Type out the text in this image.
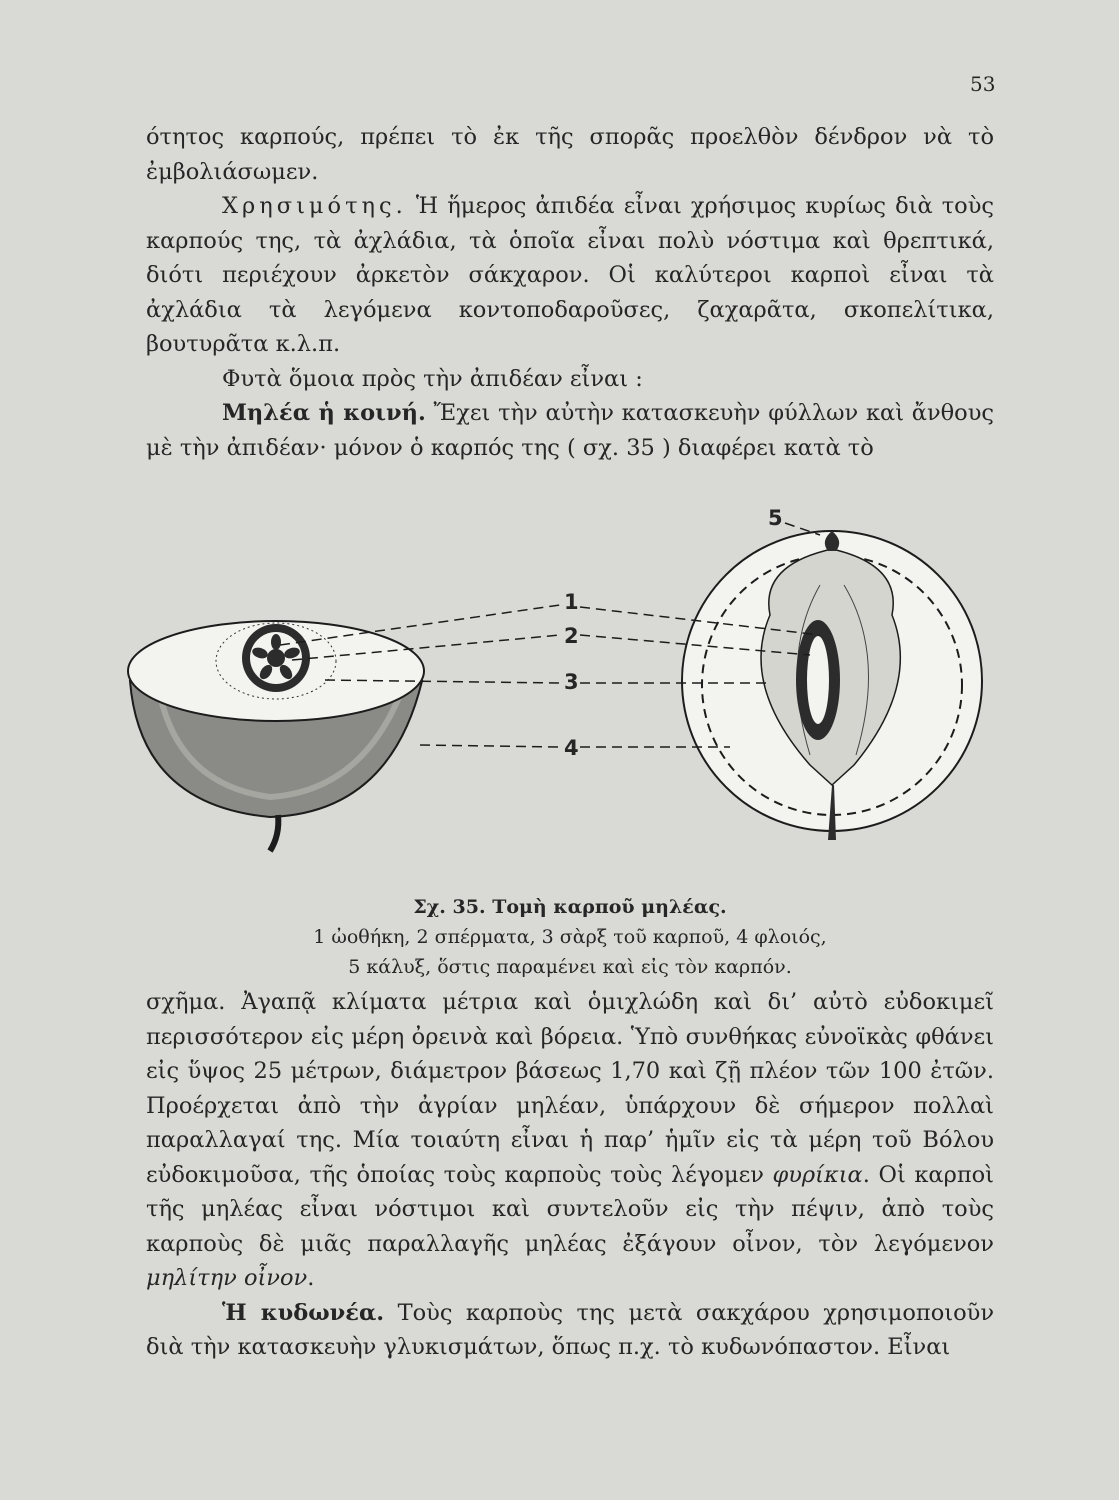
53

ότητος καρπούς, πρέπει τὸ ἐκ τῆς σπορᾶς προελθὸν δένδρον νὰ τὸ ἐμβολιάσωμεν.

Χρησιμότης. Ἡ ἥμερος ἀπιδέα εἶναι χρήσιμος κυρίως διὰ τοὺς καρπούς της, τὰ ἀχλάδια, τὰ ὁποῖα εἶναι πολὺ νόστιμα καὶ θρεπτικά, διότι περιέχουν ἀρκετὸν σάκχαρον. Οἱ καλύτεροι καρποὶ εἶναι τὰ ἀχλάδια τὰ λεγόμενα κοντοποδαροῦσες, ζαχαρᾶτα, σκοπελίτικα, βουτυρᾶτα κ.λ.π.

Φυτὰ ὅμοια πρὸς τὴν ἀπιδέαν εἶναι :

Μηλέα ἡ κοινή. Ἔχει τὴν αὐτὴν κατασκευὴν φύλλων καὶ ἄνθους μὲ τὴν ἀπιδέαν· μόνον ὁ καρπός της ( σχ. 35 ) διαφέρει κατὰ τὸ

1
2
3
4
5
Σχ. 35. Τομὴ καρποῦ μηλέας.
1 ὠοθήκη, 2 σπέρματα, 3 σὰρξ τοῦ καρποῦ, 4 φλοιός,
5 κάλυξ, ὅστις παραμένει καὶ εἰς τὸν καρπόν.

σχῆμα. Ἀγαπᾷ κλίματα μέτρια καὶ ὁμιχλώδη καὶ δι’ αὐτὸ εὐδοκιμεῖ περισσότερον εἰς μέρη ὀρεινὰ καὶ βόρεια. Ὑπὸ συνθήκας εὐνοϊκὰς φθάνει εἰς ὕψος 25 μέτρων, διάμετρον βάσεως 1,70 καὶ ζῇ πλέον τῶν 100 ἐτῶν. Προέρχεται ἀπὸ τὴν ἀγρίαν μηλέαν, ὑπάρχουν δὲ σήμερον πολλαὶ παραλλαγαί της. Μία τοιαύτη εἶναι ἡ παρ’ ἡμῖν εἰς τὰ μέρη τοῦ Βόλου εὐδοκιμοῦσα, τῆς ὁποίας τοὺς καρποὺς τοὺς λέγομεν φυρίκια. Οἱ καρποὶ τῆς μηλέας εἶναι νόστιμοι καὶ συντελοῦν εἰς τὴν πέψιν, ἀπὸ τοὺς καρποὺς δὲ μιᾶς παραλλαγῆς μηλέας ἐξάγουν οἶνον, τὸν λεγόμενον μηλίτην οἶνον.

Ἡ κυδωνέα. Τοὺς καρποὺς της μετὰ σακχάρου χρησιμοποιοῦν διὰ τὴν κατασκευὴν γλυκισμάτων, ὅπως π.χ. τὸ κυδωνόπαστον. Εἶναι
